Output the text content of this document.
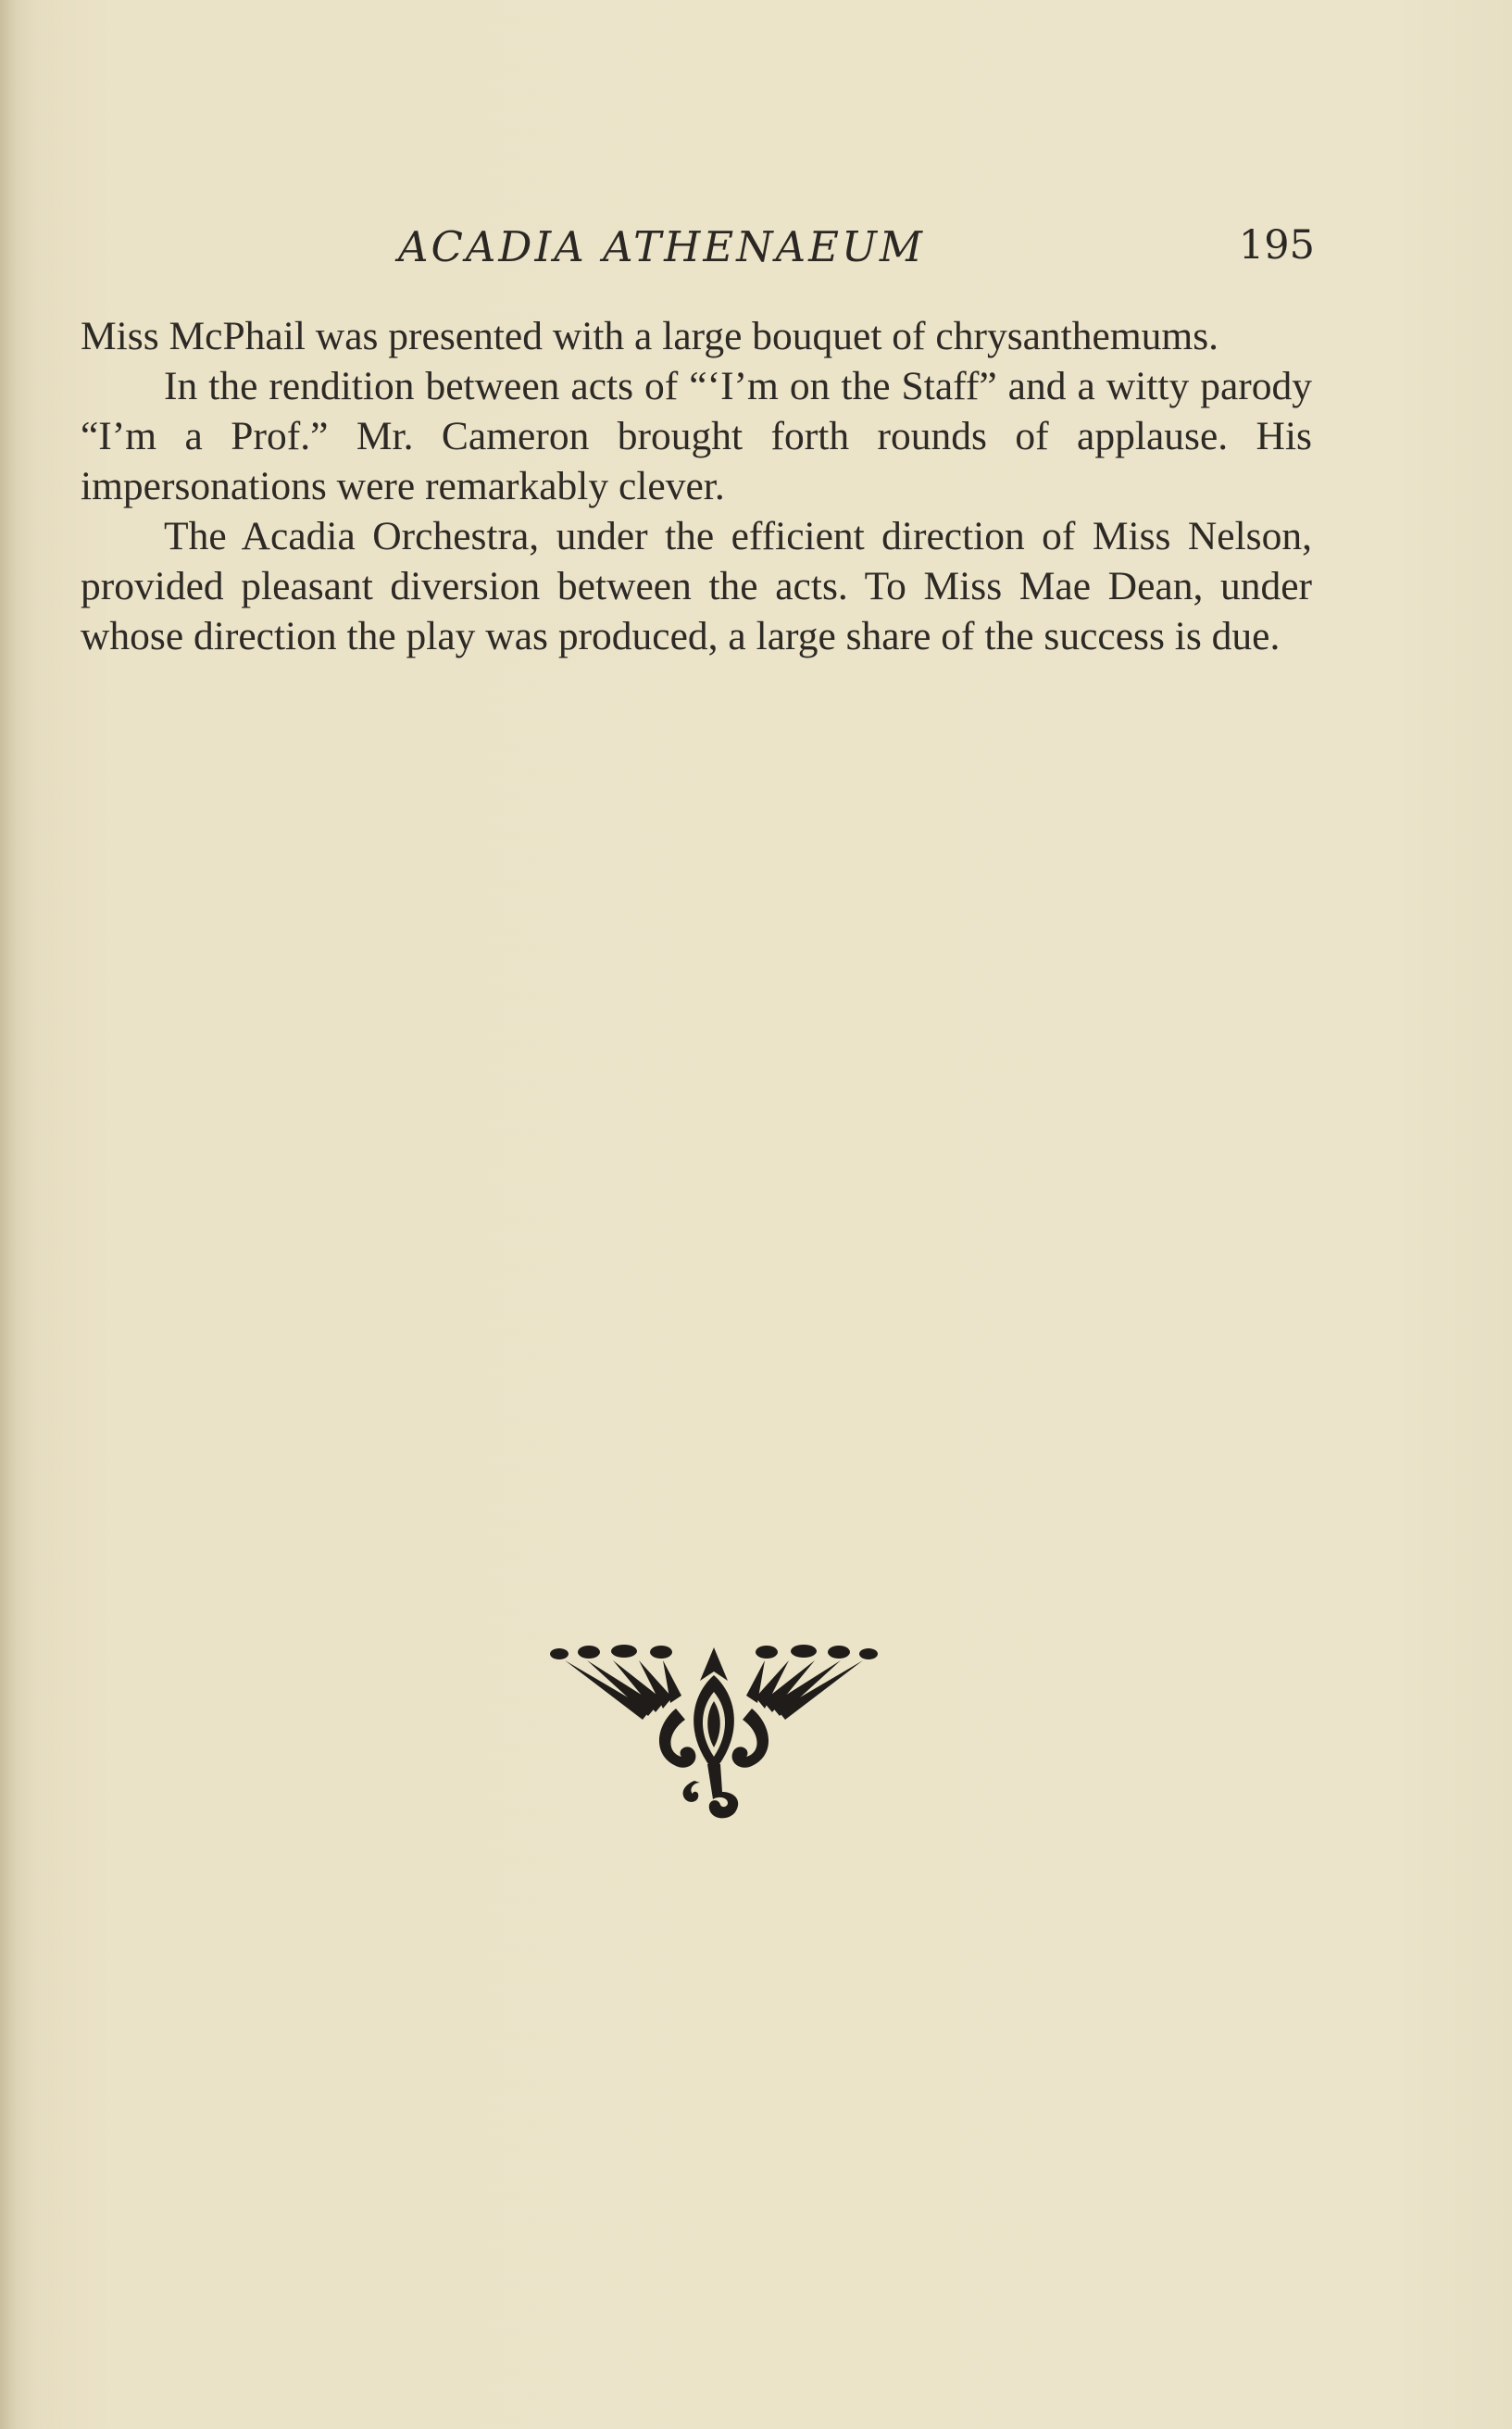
ACADIA ATHENAEUM	195

Miss McPhail was presented with a large bouquet of chrysanthemums.

In the rendition between acts of “‘I’m on the Staff” and a witty parody “I’m a Prof.” Mr. Cameron brought forth rounds of applause. His impersonations were remarkably clever.

The Acadia Orchestra, under the efficient direction of Miss Nelson, provided pleasant diversion between the acts. To Miss Mae Dean, under whose direction the play was produced, a large share of the success is due.
